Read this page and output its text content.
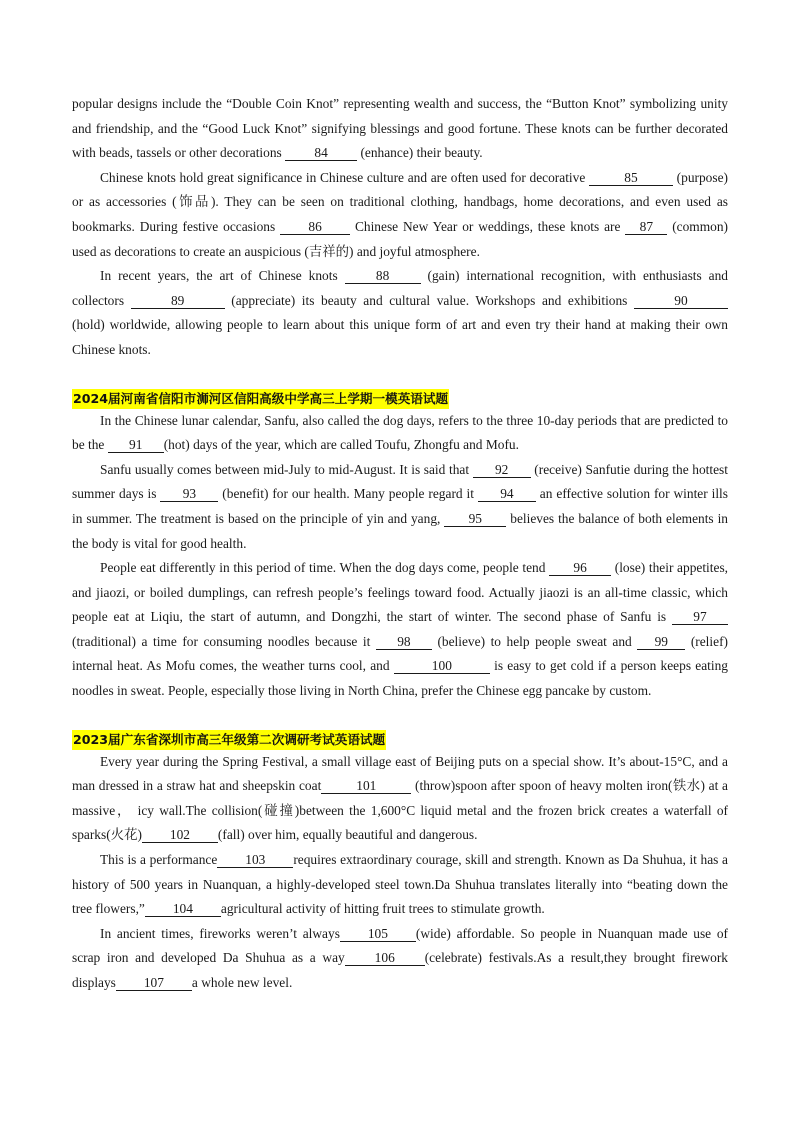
popular designs include the “Double Coin Knot” representing wealth and success, the “Button Knot” symbolizing unity and friendship, and the “Good Luck Knot” signifying blessings and good fortune. These knots can be further decorated with beads, tassels or other decorations 84 (enhance) their beauty.

Chinese knots hold great significance in Chinese culture and are often used for decorative	85	(purpose) or as accessories (饰品). They can be seen on traditional clothing, handbags, home decorations, and even used as bookmarks. During festive occasions 86 Chinese New Year or weddings, these knots are 87 (common) used as decorations to create an auspicious (吉祥的) and joyful atmosphere.

In recent years, the art of Chinese knots 88 (gain) international recognition, with enthusiasts and collectors	89	(appreciate) its beauty and cultural value. Workshops and exhibitions	90 (hold) worldwide, allowing people to learn about this unique form of art and even try their hand at making their own Chinese knots.

2024届河南省信阳市浉河区信阳高级中学高三上学期一模英语试题

In the Chinese lunar calendar, Sanfu, also called the dog days, refers to the three 10-day periods that are predicted to be the 91 (hot) days of the year, which are called Toufu, Zhongfu and Mofu.

Sanfu usually comes between mid-July to mid-August. It is said that 92 (receive) Sanfutie during the hottest summer days is 93 (benefit) for our health. Many people regard it 94 an effective solution for winter ills in summer. The treatment is based on the principle of yin and yang, 95 believes the balance of both elements in the body is vital for good health.

People eat differently in this period of time. When the dog days come, people tend 96 (lose) their appetites, and jiaozi, or boiled dumplings, can refresh people’s feelings toward food. Actually jiaozi is an all-time classic, which people eat at Liqiu, the start of autumn, and Dongzhi, the start of winter. The second phase of Sanfu is 97 (traditional) a time for consuming noodles because it 98 (believe) to help people sweat and 99 (relief) internal heat. As Mofu comes, the weather turns cool, and	100	is easy to get cold if a person keeps eating noodles in sweat. People, especially those living in North China, prefer the Chinese egg pancake by custom.

2023届广东省深圳市高三年级第二次调研考试英语试题

Every year during the Spring Festival, a small village east of Beijing puts on a special show. It’s about-15°C, and a man dressed in a straw hat and sheepskin coat	101	(throw)spoon after spoon of heavy molten iron(铁水) at a massive， icy wall.The collision(碰撞)between the 1,600°C liquid metal and the frozen brick creates a waterfall of sparks(火花) 102 (fall) over him, equally beautiful and dangerous.

This is a performance 103 requires extraordinary courage, skill and strength. Known as Da Shuhua, it has a history of 500 years in Nuanquan, a highly-developed steel town.Da Shuhua translates literally into “beating down the tree flowers,” 104 agricultural activity of hitting fruit trees to stimulate growth.

In ancient times, fireworks weren’t always 105 (wide) affordable. So people in Nuanquan made use of scrap iron and developed Da Shuhua as a way 106 (celebrate) festivals.As a result,they brought firework displays 107 a whole new level.
